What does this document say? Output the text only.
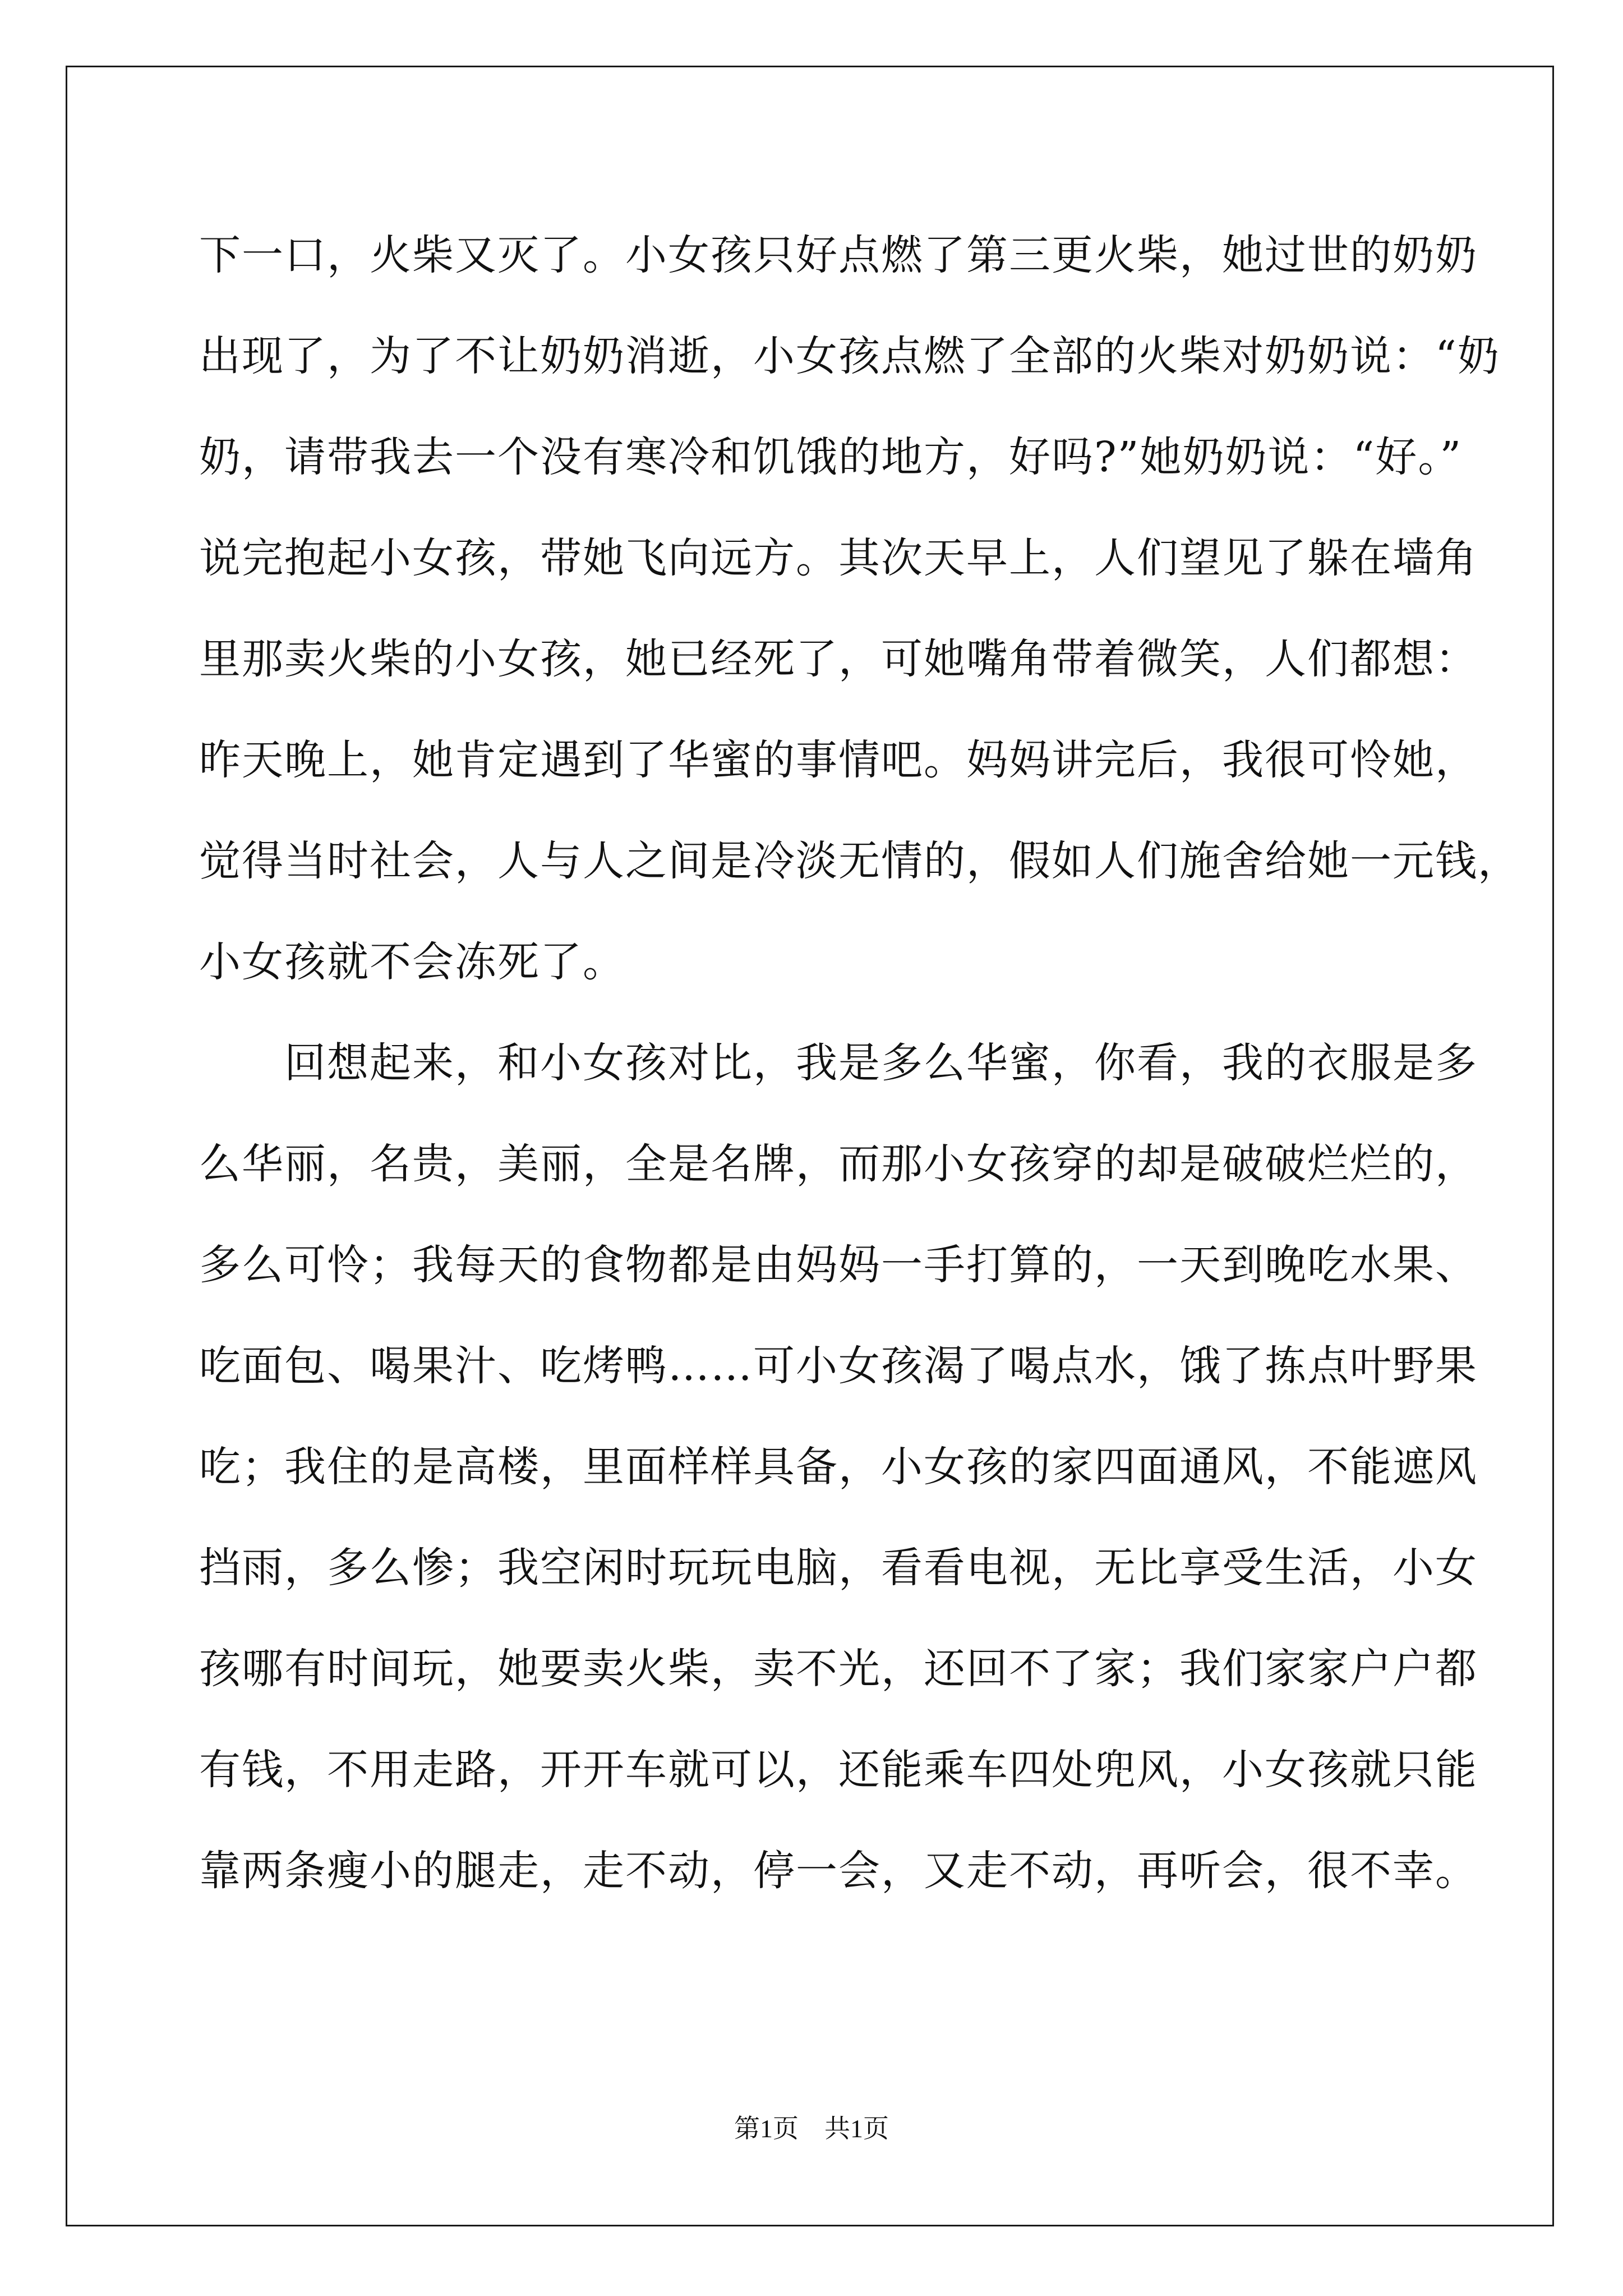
下一口，火柴又灭了。小女孩只好点燃了第三更火柴，她过世的奶奶
出现了，为了不让奶奶消逝，小女孩点燃了全部的火柴对奶奶说：“奶
奶，请带我去一个没有寒冷和饥饿的地方，好吗?”她奶奶说：“好。”
说完抱起小女孩，带她飞向远方。其次天早上，人们望见了躲在墙角
里那卖火柴的小女孩，她已经死了，可她嘴角带着微笑，人们都想：
昨天晚上，她肯定遇到了华蜜的事情吧。妈妈讲完后，我很可怜她，
觉得当时社会，人与人之间是冷淡无情的，假如人们施舍给她一元钱，
小女孩就不会冻死了。
　　回想起来，和小女孩对比，我是多么华蜜，你看，我的衣服是多
么华丽，名贵，美丽，全是名牌，而那小女孩穿的却是破破烂烂的，
多么可怜；我每天的食物都是由妈妈一手打算的，一天到晚吃水果、
吃面包、喝果汁、吃烤鸭……可小女孩渴了喝点水，饿了拣点叶野果
吃；我住的是高楼，里面样样具备，小女孩的家四面通风，不能遮风
挡雨，多么惨；我空闲时玩玩电脑，看看电视，无比享受生活，小女
孩哪有时间玩，她要卖火柴，卖不光，还回不了家；我们家家户户都
有钱，不用走路，开开车就可以，还能乘车四处兜风，小女孩就只能
靠两条瘦小的腿走，走不动，停一会，又走不动，再听会，很不幸。
第1页　共1页
